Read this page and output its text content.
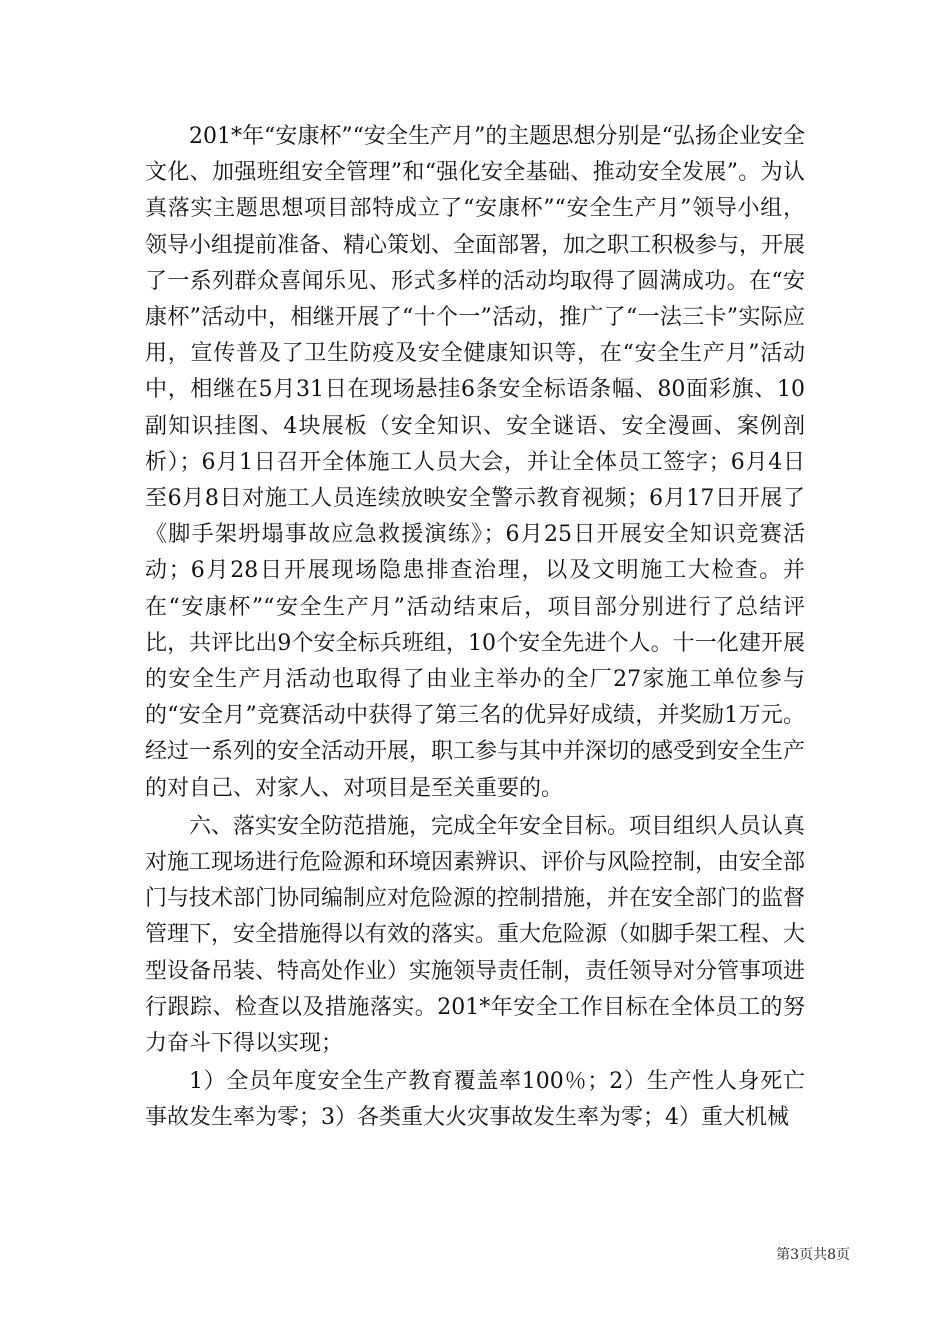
201*年“安康杯”“安全生产月”的主题思想分别是“弘扬企业安全文化、加强班组安全管理”和“强化安全基础、推动安全发展”。为认真落实主题思想项目部特成立了“安康杯”“安全生产月”领导小组，领导小组提前准备、精心策划、全面部署，加之职工积极参与，开展了一系列群众喜闻乐见、形式多样的活动均取得了圆满成功。在“安康杯”活动中，相继开展了“十个一”活动，推广了“一法三卡”实际应用，宣传普及了卫生防疫及安全健康知识等，在“安全生产月”活动中，相继在5月31日在现场悬挂6条安全标语条幅、80面彩旗、10副知识挂图、4块展板（安全知识、安全谜语、安全漫画、案例剖析）；6月1日召开全体施工人员大会，并让全体员工签字；6月4日至6月8日对施工人员连续放映安全警示教育视频；6月17日开展了《脚手架坍塌事故应急救援演练》；6月25日开展安全知识竞赛活动；6月28日开展现场隐患排查治理，以及文明施工大检查。并在“安康杯”“安全生产月”活动结束后，项目部分别进行了总结评比，共评比出9个安全标兵班组，10个安全先进个人。十一化建开展的安全生产月活动也取得了由业主举办的全厂27家施工单位参与的“安全月”竞赛活动中获得了第三名的优异好成绩，并奖励1万元。经过一系列的安全活动开展，职工参与其中并深切的感受到安全生产的对自己、对家人、对项目是至关重要的。

六、落实安全防范措施，完成全年安全目标。项目组织人员认真对施工现场进行危险源和环境因素辨识、评价与风险控制，由安全部门与技术部门协同编制应对危险源的控制措施，并在安全部门的监督管理下，安全措施得以有效的落实。重大危险源（如脚手架工程、大型设备吊装、特高处作业）实施领导责任制，责任领导对分管事项进行跟踪、检查以及措施落实。201*年安全工作目标在全体员工的努力奋斗下得以实现；

1）全员年度安全生产教育覆盖率100％；2）生产性人身死亡事故发生率为零；3）各类重大火灾事故发生率为零；4）重大机械

第3页共8页
